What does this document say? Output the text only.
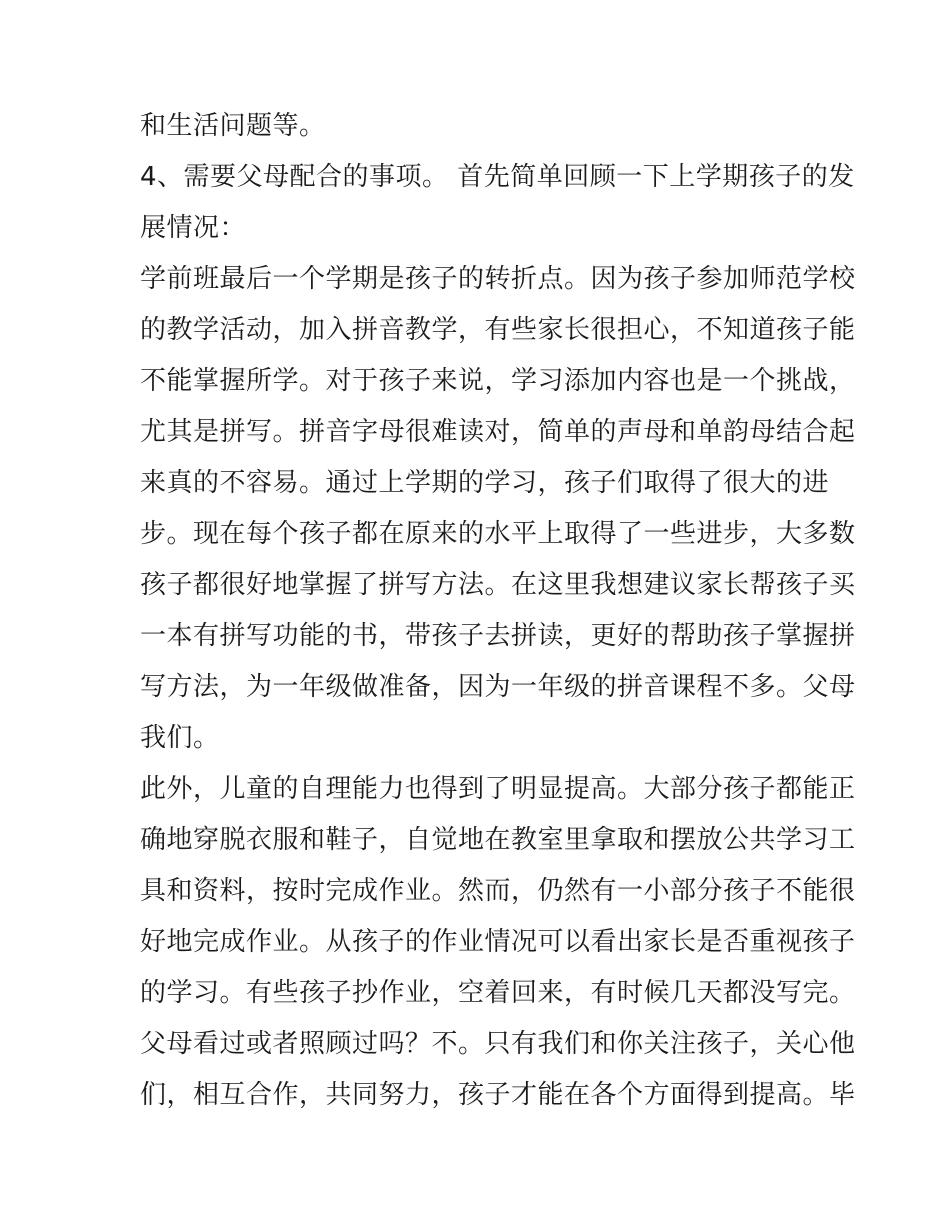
和生活问题等。
4、需要父母配合的事项。 首先简单回顾一下上学期孩子的发
展情况：
学前班最后一个学期是孩子的转折点。因为孩子参加师范学校
的教学活动，加入拼音教学，有些家长很担心，不知道孩子能
不能掌握所学。对于孩子来说，学习添加内容也是一个挑战，
尤其是拼写。拼音字母很难读对，简单的声母和单韵母结合起
来真的不容易。通过上学期的学习，孩子们取得了很大的进
步。现在每个孩子都在原来的水平上取得了一些进步，大多数
孩子都很好地掌握了拼写方法。在这里我想建议家长帮孩子买
一本有拼写功能的书，带孩子去拼读，更好的帮助孩子掌握拼
写方法，为一年级做准备，因为一年级的拼音课程不多。父母
我们。
此外，儿童的自理能力也得到了明显提高。大部分孩子都能正
确地穿脱衣服和鞋子，自觉地在教室里拿取和摆放公共学习工
具和资料，按时完成作业。然而，仍然有一小部分孩子不能很
好地完成作业。从孩子的作业情况可以看出家长是否重视孩子
的学习。有些孩子抄作业，空着回来，有时候几天都没写完。
父母看过或者照顾过吗？不。只有我们和你关注孩子，关心他
们，相互合作，共同努力，孩子才能在各个方面得到提高。毕
